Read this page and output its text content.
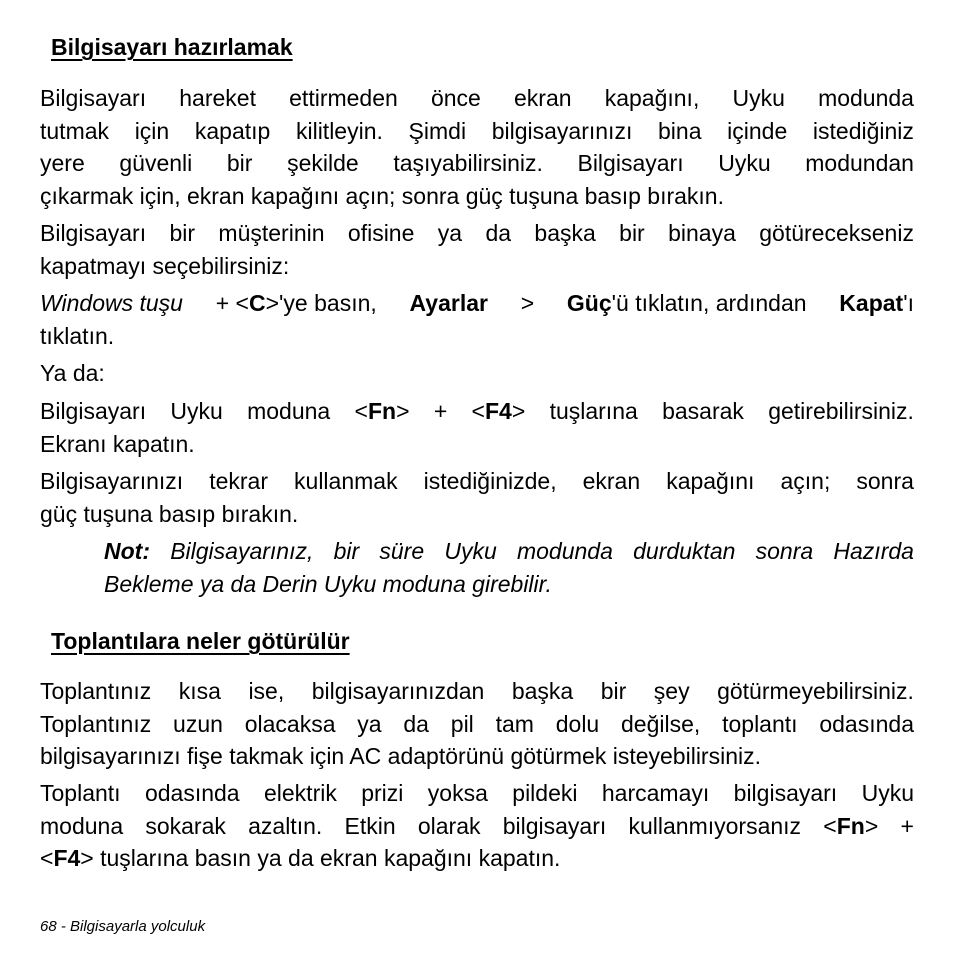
Bilgisayarı hazırlamak
Bilgisayarı hareket ettirmeden önce ekran kapağını, Uyku modunda
tutmak için kapatıp kilitleyin. Şimdi bilgisayarınızı bina içinde istediğiniz
yere güvenli bir şekilde taşıyabilirsiniz. Bilgisayarı Uyku modundan
çıkarmak için, ekran kapağını açın; sonra güç tuşuna basıp bırakın.
Bilgisayarı bir müşterinin ofisine ya da başka bir binaya götürecekseniz
kapatmayı seçebilirsiniz:
Windows tuşu + <C>'ye basın, Ayarlar > Güç'ü tıklatın, ardından Kapat'ı
tıklatın.
Ya da:
Bilgisayarı Uyku moduna <Fn> + <F4> tuşlarına basarak getirebilirsiniz.
Ekranı kapatın.
Bilgisayarınızı tekrar kullanmak istediğinizde, ekran kapağını açın; sonra
güç tuşuna basıp bırakın.
Not: Bilgisayarınız, bir süre Uyku modunda durduktan sonra Hazırda
Bekleme ya da Derin Uyku moduna girebilir.
Toplantılara neler götürülür
Toplantınız kısa ise, bilgisayarınızdan başka bir şey götürmeyebilirsiniz.
Toplantınız uzun olacaksa ya da pil tam dolu değilse, toplantı odasında
bilgisayarınızı fişe takmak için AC adaptörünü götürmek isteyebilirsiniz.
Toplantı odasında elektrik prizi yoksa pildeki harcamayı bilgisayarı Uyku
moduna sokarak azaltın. Etkin olarak bilgisayarı kullanmıyorsanız <Fn> +
<F4> tuşlarına basın ya da ekran kapağını kapatın.
68 - Bilgisayarla yolculuk
